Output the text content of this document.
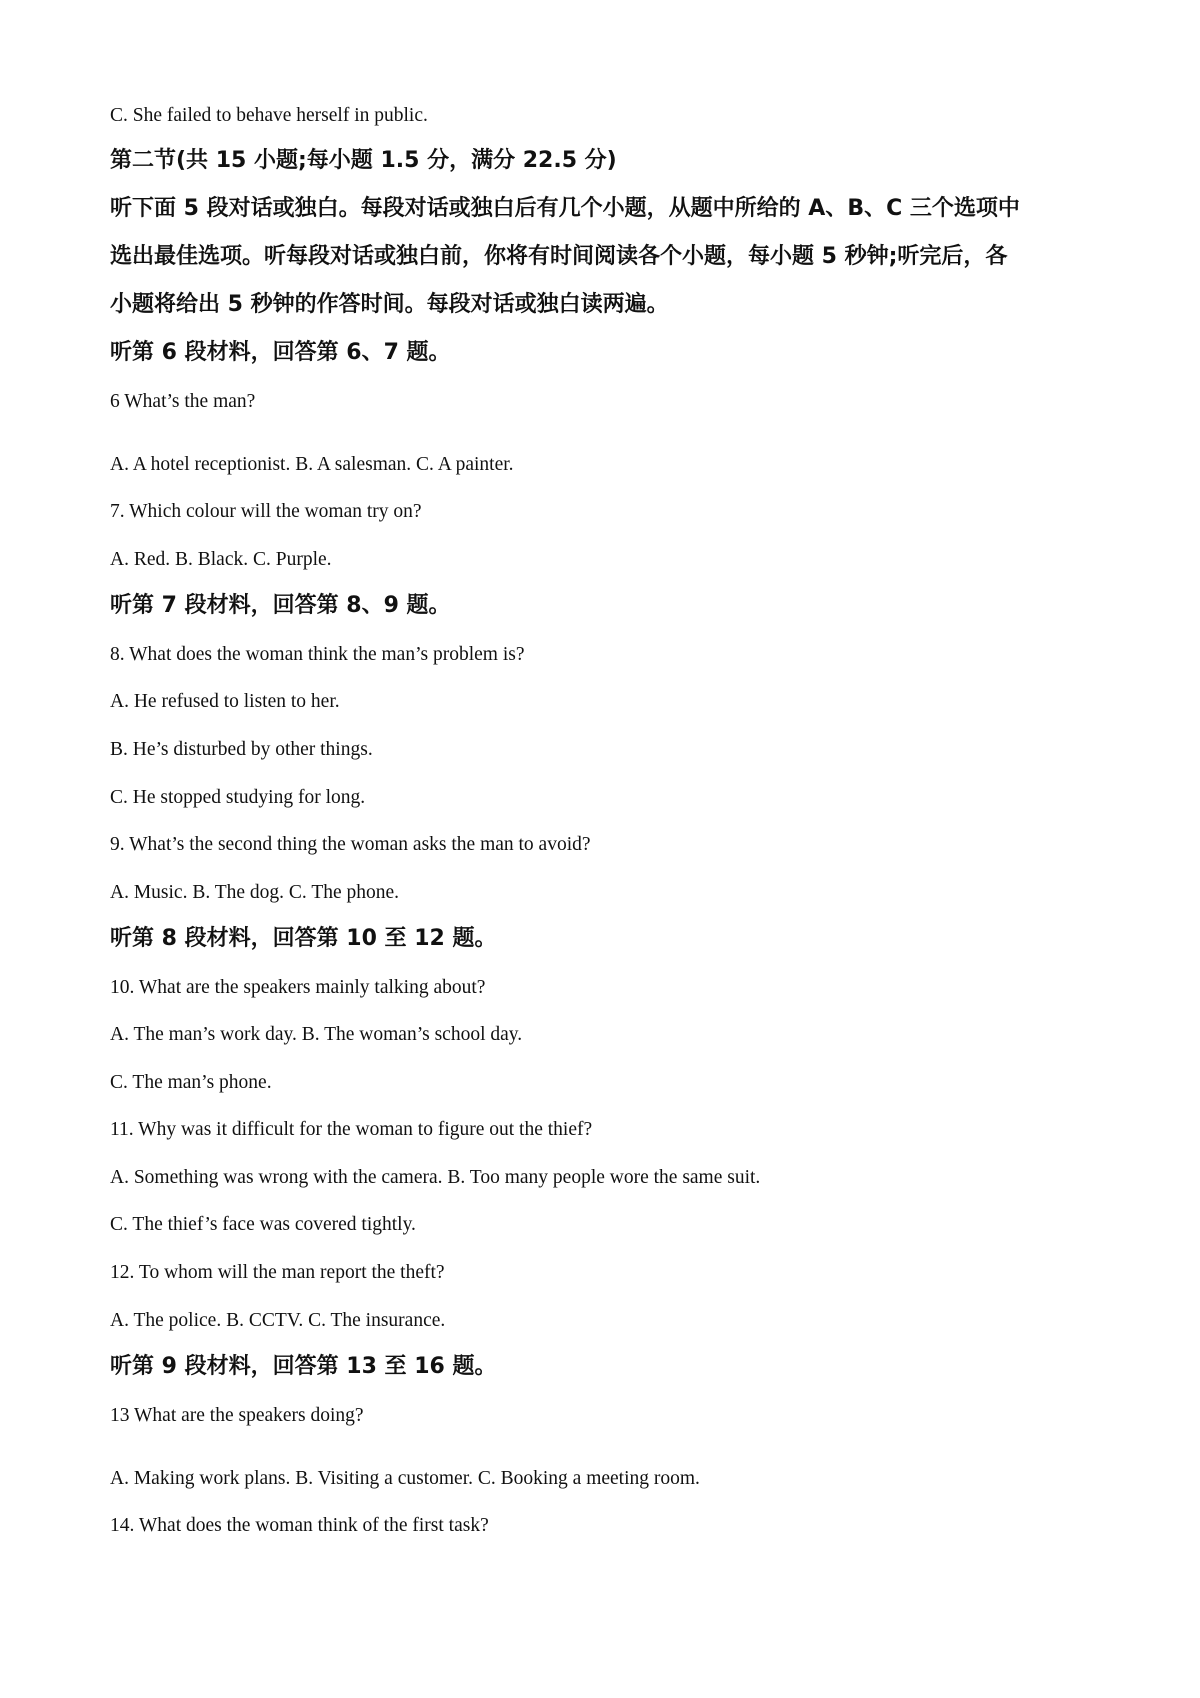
C. She failed to behave herself in public.
第二节(共 15 小题;每小题 1.5 分，满分 22.5 分)
听下面 5 段对话或独白。每段对话或独白后有几个小题，从题中所给的 A、B、C 三个选项中
选出最佳选项。听每段对话或独白前，你将有时间阅读各个小题，每小题 5 秒钟;听完后，各
小题将给出 5 秒钟的作答时间。每段对话或独白读两遍。
听第 6 段材料，回答第 6、7 题。
6 What’s the man?
A. A hotel receptionist. B. A salesman. C. A painter.
7. Which colour will the woman try on?
A. Red. B. Black. C. Purple.
听第 7 段材料，回答第 8、9 题。
8. What does the woman think the man’s problem is?
A. He refused to listen to her.
B. He’s disturbed by other things.
C. He stopped studying for long.
9. What’s the second thing the woman asks the man to avoid?
A. Music. B. The dog. C. The phone.
听第 8 段材料，回答第 10 至 12 题。
10. What are the speakers mainly talking about?
A. The man’s work day. B. The woman’s school day.
C. The man’s phone.
11. Why was it difficult for the woman to figure out the thief?
A. Something was wrong with the camera. B. Too many people wore the same suit.
C. The thief’s face was covered tightly.
12. To whom will the man report the theft?
A. The police. B. CCTV. C. The insurance.
听第 9 段材料，回答第 13 至 16 题。
13 What are the speakers doing?
A. Making work plans. B. Visiting a customer. C. Booking a meeting room.
14. What does the woman think of the first task?
